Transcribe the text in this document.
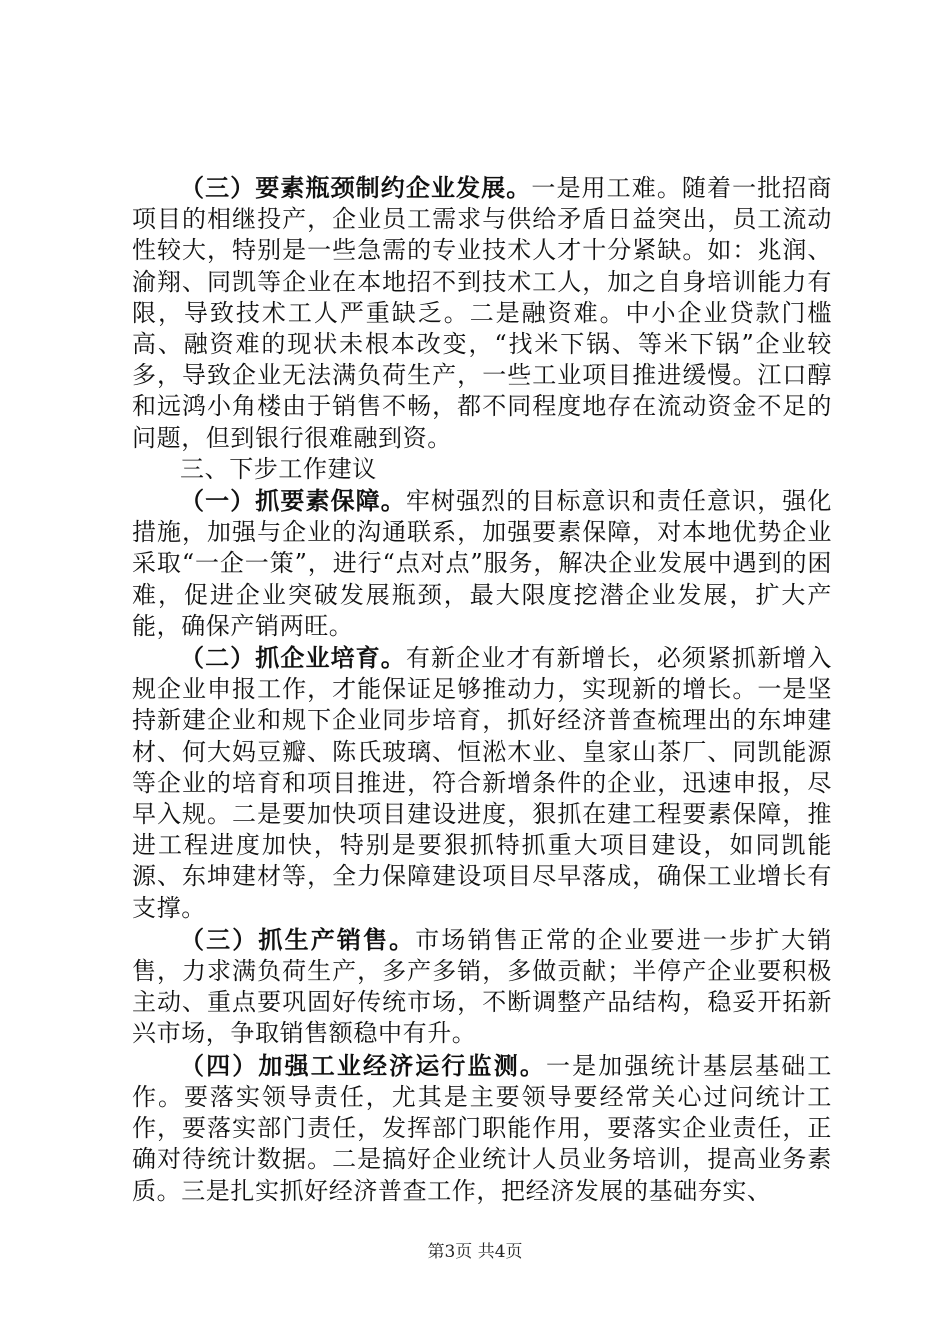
（三）要素瓶颈制约企业发展。一是用工难。随着一批招商项目的相继投产，企业员工需求与供给矛盾日益突出，员工流动性较大，特别是一些急需的专业技术人才十分紧缺。如：兆润、渝翔、同凯等企业在本地招不到技术工人，加之自身培训能力有限，导致技术工人严重缺乏。二是融资难。中小企业贷款门槛高、融资难的现状未根本改变，“找米下锅、等米下锅”企业较多，导致企业无法满负荷生产，一些工业项目推进缓慢。江口醇和远鸿小角楼由于销售不畅，都不同程度地存在流动资金不足的问题，但到银行很难融到资。

三、下步工作建议

（一）抓要素保障。牢树强烈的目标意识和责任意识，强化措施，加强与企业的沟通联系，加强要素保障，对本地优势企业采取“一企一策”，进行“点对点”服务，解决企业发展中遇到的困难，促进企业突破发展瓶颈，最大限度挖潜企业发展，扩大产能，确保产销两旺。

（二）抓企业培育。有新企业才有新增长，必须紧抓新增入规企业申报工作，才能保证足够推动力，实现新的增长。一是坚持新建企业和规下企业同步培育，抓好经济普查梳理出的东坤建材、何大妈豆瓣、陈氏玻璃、恒淞木业、皇家山茶厂、同凯能源等企业的培育和项目推进，符合新增条件的企业，迅速申报，尽早入规。二是要加快项目建设进度，狠抓在建工程要素保障，推进工程进度加快，特别是要狠抓特抓重大项目建设，如同凯能源、东坤建材等，全力保障建设项目尽早落成，确保工业增长有支撑。

（三）抓生产销售。市场销售正常的企业要进一步扩大销售，力求满负荷生产，多产多销，多做贡献；半停产企业要积极主动、重点要巩固好传统市场，不断调整产品结构，稳妥开拓新兴市场，争取销售额稳中有升。

（四）加强工业经济运行监测。一是加强统计基层基础工作。要落实领导责任，尤其是主要领导要经常关心过问统计工作，要落实部门责任，发挥部门职能作用，要落实企业责任，正确对待统计数据。二是搞好企业统计人员业务培训，提高业务素质。三是扎实抓好经济普查工作，把经济发展的基础夯实、

第3页 共4页
